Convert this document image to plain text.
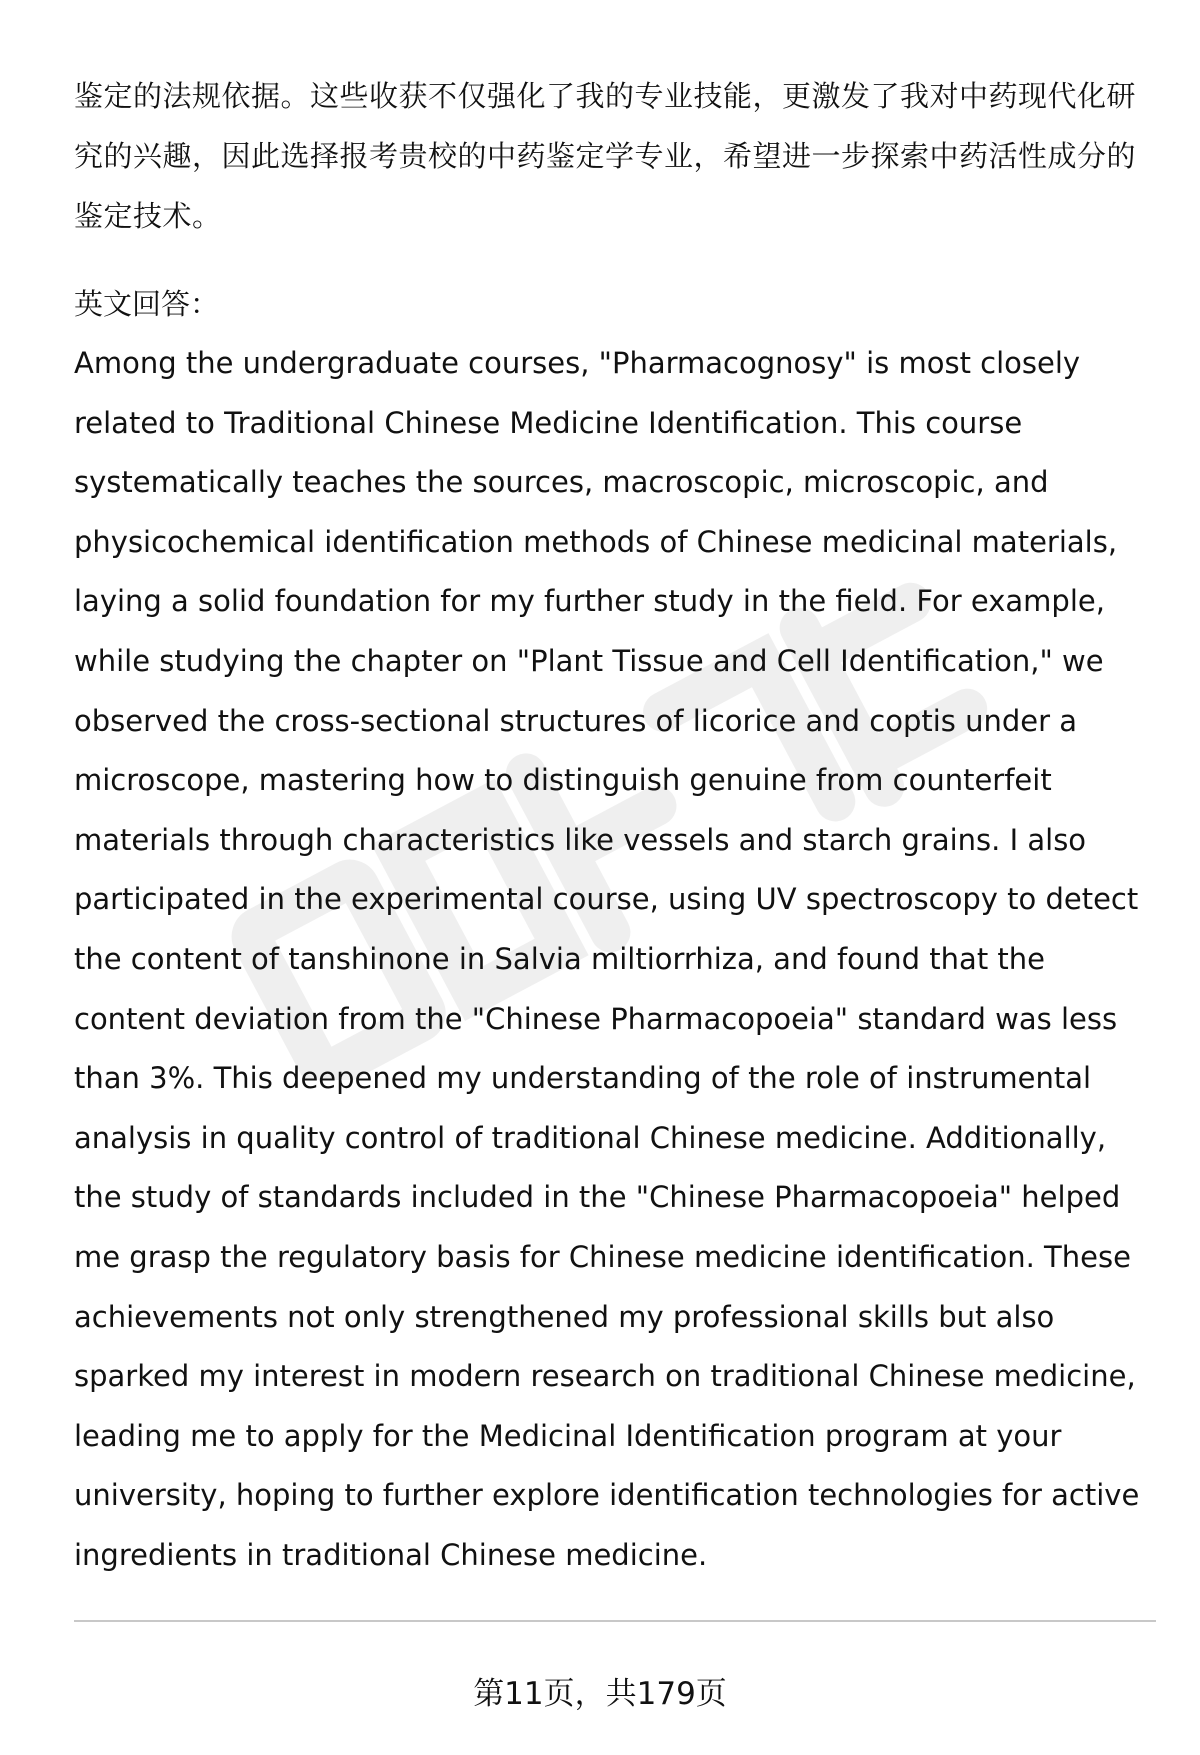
鉴定的法规依据。这些收获不仅强化了我的专业技能，更激发了我对中药现代化研究的兴趣，因此选择报考贵校的中药鉴定学专业，希望进一步探索中药活性成分的鉴定技术。

英文回答：

Among the undergraduate courses, "Pharmacognosy" is most closely related to Traditional Chinese Medicine Identification. This course systematically teaches the sources, macroscopic, microscopic, and physicochemical identification methods of Chinese medicinal materials, laying a solid foundation for my further study in the field. For example, while studying the chapter on "Plant Tissue and Cell Identification," we observed the cross-sectional structures of licorice and coptis under a microscope, mastering how to distinguish genuine from counterfeit materials through characteristics like vessels and starch grains. I also participated in the experimental course, using UV spectroscopy to detect the content of tanshinone in Salvia miltiorrhiza, and found that the content deviation from the "Chinese Pharmacopoeia" standard was less than 3%. This deepened my understanding of the role of instrumental analysis in quality control of traditional Chinese medicine. Additionally, the study of standards included in the "Chinese Pharmacopoeia" helped me grasp the regulatory basis for Chinese medicine identification. These achievements not only strengthened my professional skills but also sparked my interest in modern research on traditional Chinese medicine, leading me to apply for the Medicinal Identification program at your university, hoping to further explore identification technologies for active ingredients in traditional Chinese medicine.

第11页，共179页
